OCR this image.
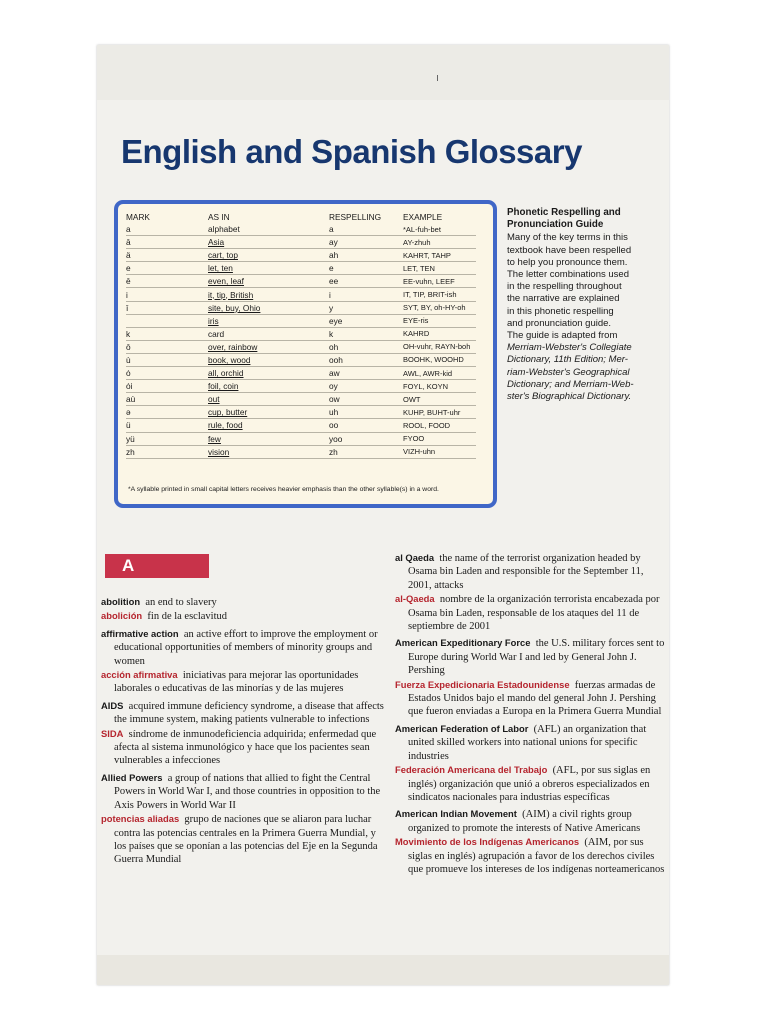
English and Spanish Glossary
MARK	AS IN	RESPELLING	EXAMPLE
a	alphabet	a	*AL-fuh-bet
ā	Asia	ay	AY-zhuh
ä	cart, top	ah	KAHRT, TAHP
e	let, ten	e	LET, TEN
ē	even, leaf	ee	EE-vuhn, LEEF
i	it, tip, British	i	IT, TIP, BRIT-ish
ī	site, buy, Ohio	y	SYT, BY, oh-HY-oh
	iris	eye	EYE-ris
k	card	k	KAHRD
ō	over, rainbow	oh	OH-vuhr, RAYN-boh
ù	book, wood	ooh	BOOHK, WOOHD
ȯ	all, orchid	aw	AWL, AWR-kid
ȯi	foil, coin	oy	FOYL, KOYN
aù	out	ow	OWT
ə	cup, butter	uh	KUHP, BUHT-uhr
ü	rule, food	oo	ROOL, FOOD
yü	few	yoo	FYOO
zh	vision	zh	VIZH-uhn
*A syllable printed in small capital letters receives heavier emphasis than the other syllable(s) in a word.
Phonetic Respelling and Pronunciation Guide
Many of the key terms in this
textbook have been respelled
to help you pronounce them.
The letter combinations used
in the respelling throughout
the narrative are explained
in this phonetic respelling
and pronunciation guide.
The guide is adapted from
Merriam-Webster's Collegiate
Dictionary, 11th Edition; Mer-
riam-Webster's Geographical
Dictionary; and Merriam-Web-
ster's Biographical Dictionary.
A
abolition an end to slavery
abolición fin de la esclavitud
affirmative action an active effort to improve the employment or educational opportunities of members of minority groups and women
acción afirmativa iniciativas para mejorar las oportunidades laborales o educativas de las minorías y de las mujeres
AIDS acquired immune deficiency syndrome, a disease that affects the immune system, making patients vulnerable to infections
SIDA síndrome de inmunodeficiencia adquirida; enfermedad que afecta al sistema inmunológico y hace que los pacientes sean vulnerables a infecciones
Allied Powers a group of nations that allied to fight the Central Powers in World War I, and those countries in opposition to the Axis Powers in World War II
potencias aliadas grupo de naciones que se aliaron para luchar contra las potencias centrales en la Primera Guerra Mundial, y los países que se oponían a las potencias del Eje en la Segunda Guerra Mundial
al Qaeda the name of the terrorist organization headed by Osama bin Laden and responsible for the September 11, 2001, attacks
al-Qaeda nombre de la organización terrorista encabezada por Osama bin Laden, responsable de los ataques del 11 de septiembre de 2001
American Expeditionary Force the U.S. military forces sent to Europe during World War I and led by General John J. Pershing
Fuerza Expedicionaria Estadounidense fuerzas armadas de Estados Unidos bajo el mando del general John J. Pershing que fueron enviadas a Europa en la Primera Guerra Mundial
American Federation of Labor (AFL) an organization that united skilled workers into national unions for specific industries
Federación Americana del Trabajo (AFL, por sus siglas en inglés) organización que unió a obreros especializados en sindicatos nacionales para industrias específicas
American Indian Movement (AIM) a civil rights group organized to promote the interests of Native Americans
Movimiento de los Indígenas Americanos (AIM, por sus siglas en inglés) agrupación a favor de los derechos civiles que promueve los intereses de los indígenas norteamericanos
